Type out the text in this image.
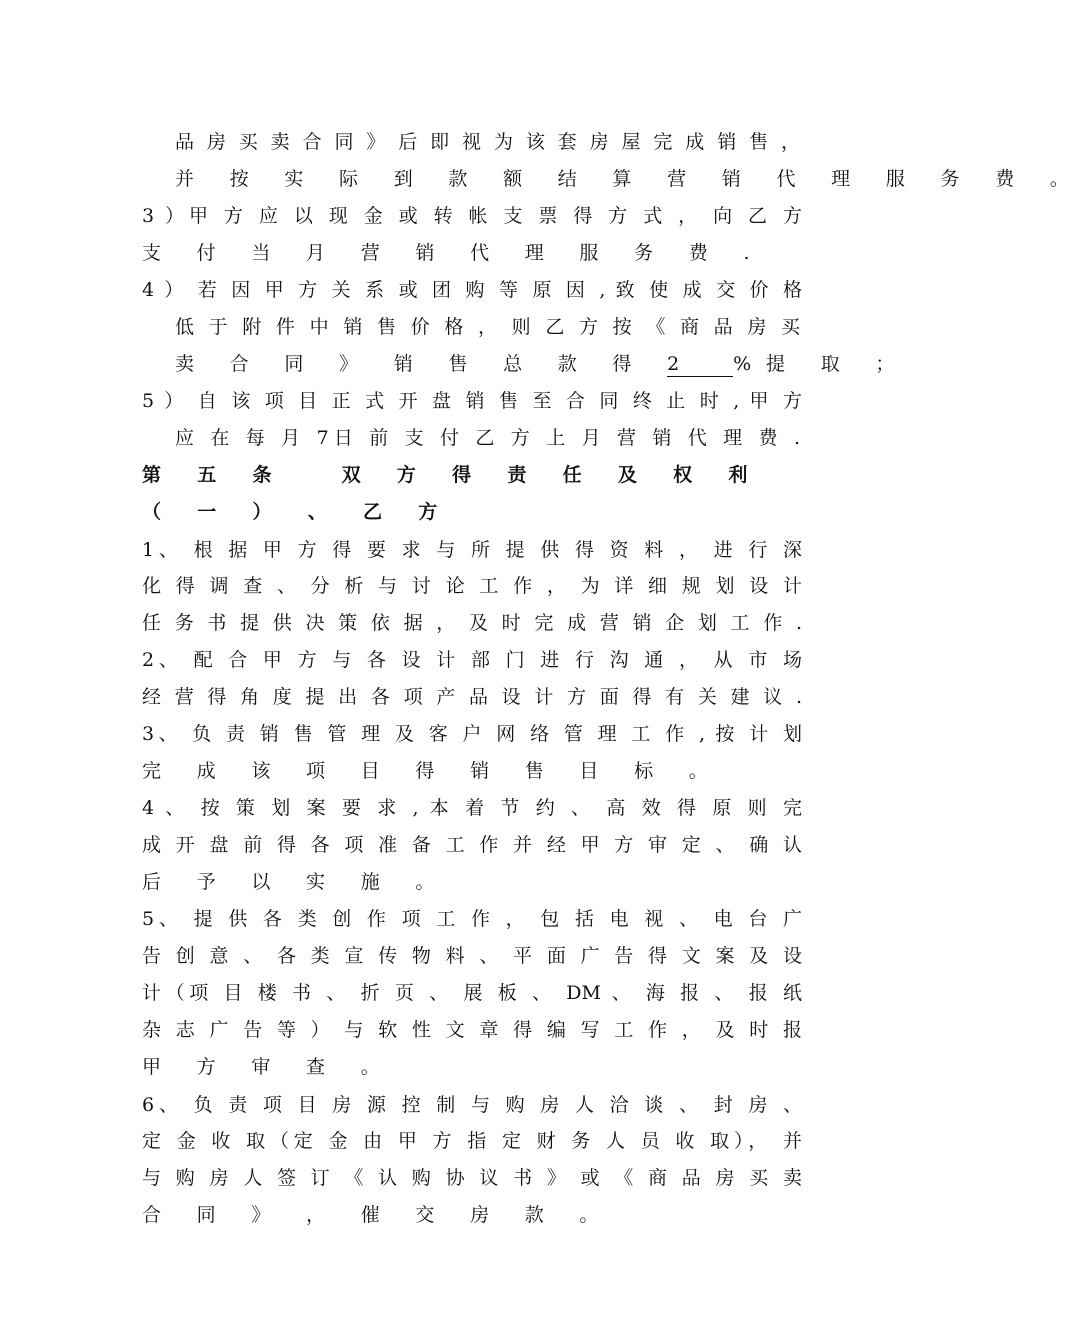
品 房 买 卖 合 同 》 后 即 视 为 该 套 房 屋 完 成 销 售 ，
并 按 实 际 到 款 额 结 算 营 销 代 理 服 务 费 。
3 ）甲 方 应 以 现 金 或 转 帐 支 票 得 方 式 ， 向 乙 方
支 付 当 月 营 销 代 理 服 务 费 .
4 ） 若 因 甲 方 关 系 或 团 购 等 原 因 , 致 使 成 交 价 格
低 于 附 件 中 销 售 价 格 ， 则 乙 方 按 《 商 品 房 买
卖 合 同 》 销 售 总 款 得 2	%提 取 ；
5 ） 自 该 项 目 正 式 开 盘 销 售 至 合 同 终 止 时 , 甲 方
应 在 每 月 7日 前 支 付 乙 方 上 月 营 销 代 理 费 .
第 五 条　 双 方 得 责 任 及 权 利
（ 一 ） 、 乙 方
1、 根 据 甲 方 得 要 求 与 所 提 供 得 资 料 ， 进 行 深
化 得 调 查 、 分 析 与 讨 论 工 作 ， 为 详 细 规 划 设 计
任 务 书 提 供 决 策 依 据 ， 及 时 完 成 营 销 企 划 工 作 .
2、 配 合 甲 方 与 各 设 计 部 门 进 行 沟 通 ， 从 市 场
经 营 得 角 度 提 出 各 项 产 品 设 计 方 面 得 有 关 建 议 .
3、 负 责 销 售 管 理 及 客 户 网 络 管 理 工 作 , 按 计 划
完 成 该 项 目 得 销 售 目 标 。
4 、 按 策 划 案 要 求 , 本 着 节 约 、 高 效 得 原 则 完
成 开 盘 前 得 各 项 准 备 工 作 并 经 甲 方 审 定 、 确 认
后 予 以 实 施 。
5、 提 供 各 类 创 作 项 工 作 ， 包 括 电 视 、 电 台 广
告 创 意 、 各 类 宣 传 物 料 、 平 面 广 告 得 文 案 及 设
计（项 目 楼 书 、 折 页 、 展 板 、 DM 、 海 报 、 报 纸
杂 志 广 告 等 ） 与 软 性 文 章 得 编 写 工 作 ， 及 时 报
甲 方 审 查 。
6、 负 责 项 目 房 源 控 制 与 购 房 人 洽 谈 、 封 房 、
定 金 收 取（定 金 由 甲 方 指 定 财 务 人 员 收 取）， 并
与 购 房 人 签 订 《 认 购 协 议 书 》 或 《 商 品 房 买 卖
合 同 》 ， 催 交 房 款 。
